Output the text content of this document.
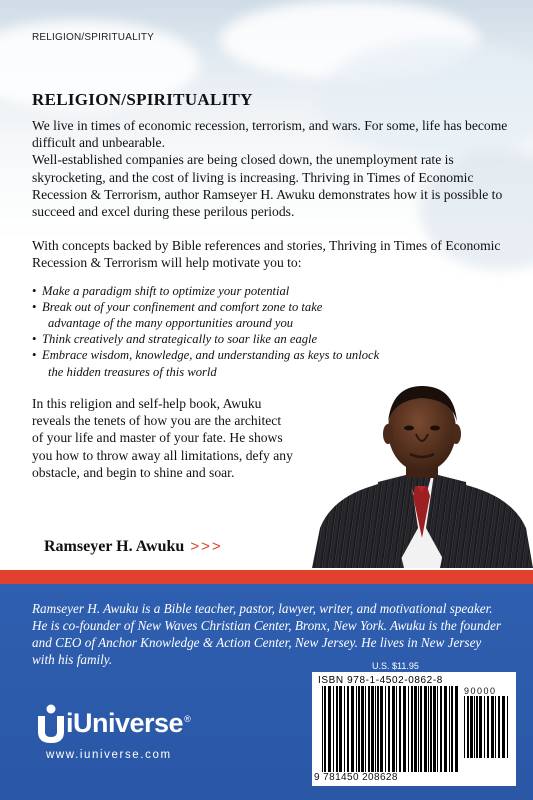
RELIGION/SPIRITUALITY
RELIGION/SPIRITUALITY

We live in times of economic recession, terrorism, and wars. For some, life has become difficult and unbearable.

Well-established companies are being closed down, the unemployment rate is skyrocketing, and the cost of living is increasing. Thriving in Times of Economic Recession & Terrorism, author Ramseyer H. Awuku demonstrates how it is possible to succeed and excel during these perilous periods.

With concepts backed by Bible references and stories, Thriving in Times of Economic Recession & Terrorism will help motivate you to:

• Make a paradigm shift to optimize your potential
• Break out of your confinement and comfort zone to take
advantage of the many opportunities around you
• Think creatively and strategically to soar like an eagle
• Embrace wisdom, knowledge, and understanding as keys to unlock
the hidden treasures of this world

In this religion and self-help book, Awuku reveals the tenets of how you are the architect of your life and master of your fate. He shows you how to throw away all limitations, defy any obstacle, and begin to shine and soar.

Ramseyer H. Awuku >>>

Ramseyer H. Awuku is a Bible teacher, pastor, lawyer, writer, and motivational speaker. He is co-founder of New Waves Christian Center, Bronx, New York. Awuku is the founder and CEO of Anchor Knowledge & Action Center, New Jersey. He lives in New Jersey with his family.	U.S. $11.95
ISBN 978-1-4502-0862-8
90000
9 781450 208628
iUniverse®
www.iuniverse.com
